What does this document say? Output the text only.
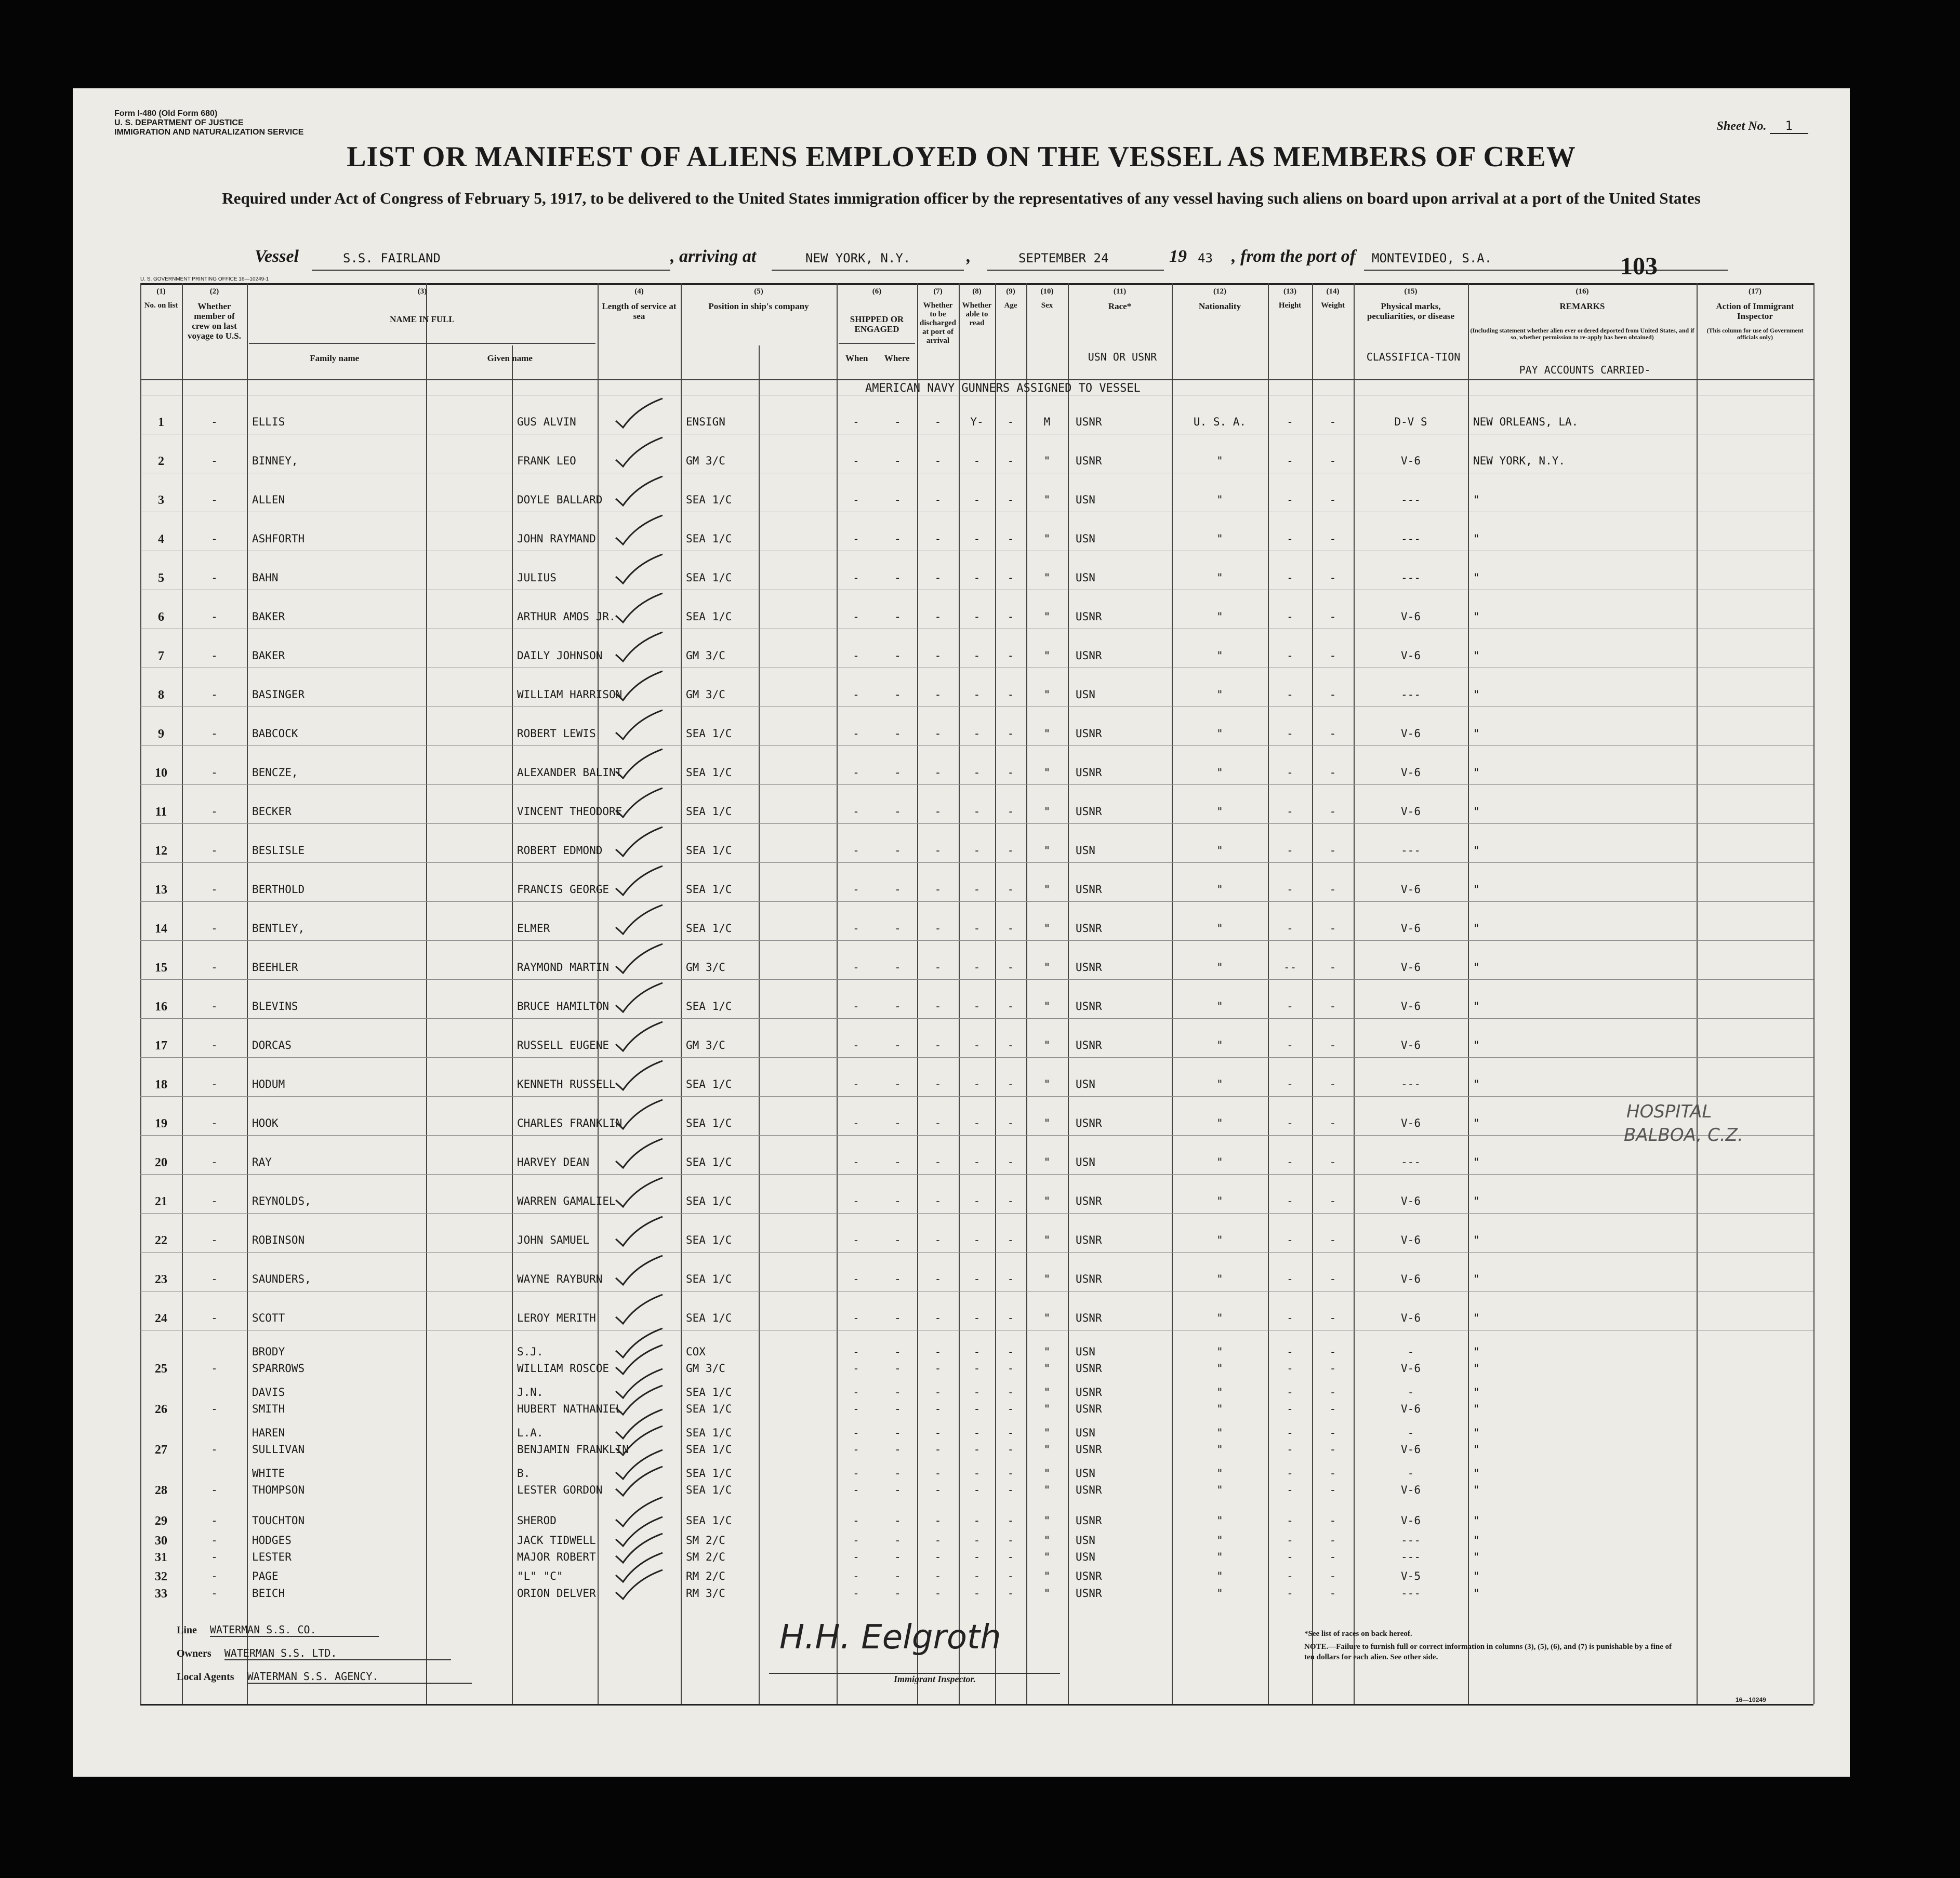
Form I-480 (Old Form 680)
U. S. DEPARTMENT OF JUSTICE
IMMIGRATION AND NATURALIZATION SERVICE	Sheet No. 1
LIST OR MANIFEST OF ALIENS EMPLOYED ON THE VESSEL AS MEMBERS OF CREW
Required under Act of Congress of February 5, 1917, to be delivered to the United States immigration officer by the representatives of any vessel having such aliens on board upon arrival at a port of the United States
Vessel	S.S. FAIRLAND	, arriving at	NEW YORK, N.Y.	,	SEPTEMBER 24	19 43 , from the port of MONTEVIDEO, S.A.	103
U. S. GOVERNMENT PRINTING OFFICE 16—10249-1
(1)
No. on list
(2)
Whether member of crew on last voyage to U.S.
(3)
NAME IN FULL
Family name	Given name
(4)
Length of service at sea
(5)
Position in ship's company
(6)
SHIPPED OR ENGAGED
When	Where
(7)
Whether to be discharged at port of arrival
(8)
Whether able to read
(9)
Age
(10)
Sex
(11)
Race*
USN OR USNR
(12)
Nationality
(13)
Height
(14)
Weight
(15)
Physical marks, peculiarities, or disease
CLASSIFICA-TION
(16)
REMARKS
(Including statement whether alien ever ordered deported from United States, and if so, whether permission to re-apply has been obtained)
PAY ACCOUNTS CARRIED-
(17)
Action of Immigrant Inspector
(This column for use of Government officials only)
AMERICAN NAVY GUNNERS ASSIGNED TO VESSEL
1	-	ELLIS	GUS ALVIN	ENSIGN	-	-	-	Y-	-	M	USNR	U. S. A.	-	-	D-V S	NEW ORLEANS, LA.
2	-	BINNEY,	FRANK LEO	GM 3/C	-	-	-	-	-	"	USNR	"	-	-	V-6	NEW YORK, N.Y.
3	-	ALLEN	DOYLE BALLARD	SEA 1/C	-	-	-	-	-	"	USN	"	-	-	---	"
4	-	ASHFORTH	JOHN RAYMAND	SEA 1/C	-	-	-	-	-	"	USN	"	-	-	---	"
5	-	BAHN	JULIUS	SEA 1/C	-	-	-	-	-	"	USN	"	-	-	---	"
6	-	BAKER	ARTHUR AMOS JR.	SEA 1/C	-	-	-	-	-	"	USNR	"	-	-	V-6	"
7	-	BAKER	DAILY JOHNSON	GM 3/C	-	-	-	-	-	"	USNR	"	-	-	V-6	"
8	-	BASINGER	WILLIAM HARRISON	GM 3/C	-	-	-	-	-	"	USN	"	-	-	---	"
9	-	BABCOCK	ROBERT LEWIS	SEA 1/C	-	-	-	-	-	"	USNR	"	-	-	V-6	"
10	-	BENCZE,	ALEXANDER BALINT	SEA 1/C	-	-	-	-	-	"	USNR	"	-	-	V-6	"
11	-	BECKER	VINCENT THEODORE	SEA 1/C	-	-	-	-	-	"	USNR	"	-	-	V-6	"
12	-	BESLISLE	ROBERT EDMOND	SEA 1/C	-	-	-	-	-	"	USN	"	-	-	---	"
13	-	BERTHOLD	FRANCIS GEORGE	SEA 1/C	-	-	-	-	-	"	USNR	"	-	-	V-6	"
14	-	BENTLEY,	ELMER	SEA 1/C	-	-	-	-	-	"	USNR	"	-	-	V-6	"
15	-	BEEHLER	RAYMOND MARTIN	GM 3/C	-	-	-	-	-	"	USNR	"	--	-	V-6	"
16	-	BLEVINS	BRUCE HAMILTON	SEA 1/C	-	-	-	-	-	"	USNR	"	-	-	V-6	"
17	-	DORCAS	RUSSELL EUGENE	GM 3/C	-	-	-	-	-	"	USNR	"	-	-	V-6	"
18	-	HODUM	KENNETH RUSSELL	SEA 1/C	-	-	-	-	-	"	USN	"	-	-	---	"
19	-	HOOK	CHARLES FRANKLIN	SEA 1/C	-	-	-	-	-	"	USNR	"	-	-	V-6	"
20	-	RAY	HARVEY DEAN	SEA 1/C	-	-	-	-	-	"	USN	"	-	-	---	"
21	-	REYNOLDS,	WARREN GAMALIEL	SEA 1/C	-	-	-	-	-	"	USNR	"	-	-	V-6	"
22	-	ROBINSON	JOHN SAMUEL	SEA 1/C	-	-	-	-	-	"	USNR	"	-	-	V-6	"
23	-	SAUNDERS,	WAYNE RAYBURN	SEA 1/C	-	-	-	-	-	"	USNR	"	-	-	V-6	"
24	-	SCOTT	LEROY MERITH	SEA 1/C	-	-	-	-	-	"	USNR	"	-	-	V-6	"
BRODY	S.J.	COX	-	-	-	-	-	"	USN	"	-	-	-	"
25	-	SPARROWS	WILLIAM ROSCOE	GM 3/C	-	-	-	-	-	"	USNR	"	-	-	V-6	"
DAVIS	J.N.	SEA 1/C	-	-	-	-	-	"	USNR	"	-	-	-	"
26	-	SMITH	HUBERT NATHANIEL	SEA 1/C	-	-	-	-	-	"	USNR	"	-	-	V-6	"
HAREN	L.A.	SEA 1/C	-	-	-	-	-	"	USN	"	-	-	-	"
27	-	SULLIVAN	BENJAMIN FRANKLIN	SEA 1/C	-	-	-	-	-	"	USNR	"	-	-	V-6	"
WHITE	B.	SEA 1/C	-	-	-	-	-	"	USN	"	-	-	-	"
28	-	THOMPSON	LESTER GORDON	SEA 1/C	-	-	-	-	-	"	USNR	"	-	-	V-6	"
29	-	TOUCHTON	SHEROD	SEA 1/C	-	-	-	-	-	"	USNR	"	-	-	V-6	"
30	-	HODGES	JACK TIDWELL	SM 2/C	-	-	-	-	-	"	USN	"	-	-	---	"
31	-	LESTER	MAJOR ROBERT	SM 2/C	-	-	-	-	-	"	USN	"	-	-	---	"
32	-	PAGE	"L" "C"	RM 2/C	-	-	-	-	-	"	USNR	"	-	-	V-5	"
33	-	BEICH	ORION DELVER	RM 3/C	-	-	-	-	-	"	USNR	"	-	-	---	"
HOSPITAL
BALBOA, C.Z.
Line WATERMAN S.S. CO.
Owners WATERMAN S.S. LTD.
Local Agents WATERMAN S.S. AGENCY.
H.H. Eelgroth
Immigrant Inspector.
*See list of races on back hereof.
NOTE.—Failure to furnish full or correct information in columns (3), (5), (6), and (7) is punishable by a fine of ten dollars for each alien. See other side.
16—10249
